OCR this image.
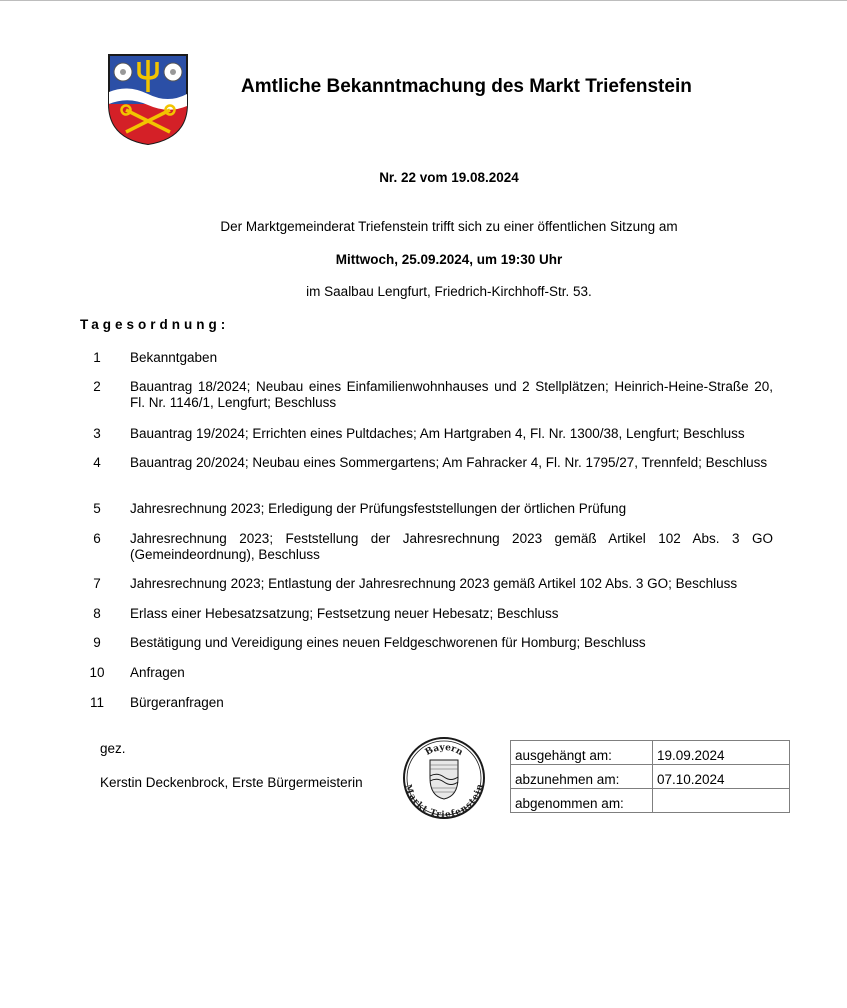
Amtliche Bekanntmachung des Markt Triefenstein
Nr. 22 vom 19.08.2024
Der Marktgemeinderat Triefenstein trifft sich zu einer öffentlichen Sitzung am
Mittwoch, 25.09.2024, um 19:30 Uhr
im Saalbau Lengfurt, Friedrich-Kirchhoff-Str. 53.
Tagesordnung:
1	Bekanntgaben
2	Bauantrag 18/2024; Neubau eines Einfamilienwohnhauses und 2 Stellplätzen; Heinrich-Heine-Straße 20, Fl. Nr. 1146/1, Lengfurt; Beschluss
3	Bauantrag 19/2024; Errichten eines Pultdaches; Am Hartgraben 4, Fl. Nr. 1300/38, Lengfurt; Beschluss
4	Bauantrag 20/2024; Neubau eines Sommergartens; Am Fahracker 4, Fl. Nr. 1795/27, Trennfeld; Beschluss
5	Jahresrechnung 2023; Erledigung der Prüfungsfeststellungen der örtlichen Prüfung
6	Jahresrechnung 2023; Feststellung der Jahresrechnung 2023 gemäß Artikel 102 Abs. 3 GO (Gemeindeordnung), Beschluss
7	Jahresrechnung 2023; Entlastung der Jahresrechnung 2023 gemäß Artikel 102 Abs. 3 GO; Beschluss
8	Erlass einer Hebesatzsatzung; Festsetzung neuer Hebesatz; Beschluss
9	Bestätigung und Vereidigung eines neuen Feldgeschworenen für Homburg; Beschluss
10	Anfragen
11	Bürgeranfragen
gez.
Kerstin Deckenbrock, Erste Bürgermeisterin
Bayern
Markt Triefenstein
ausgehängt am:	19.09.2024
abzunehmen am:	07.10.2024
abgenommen am:	
